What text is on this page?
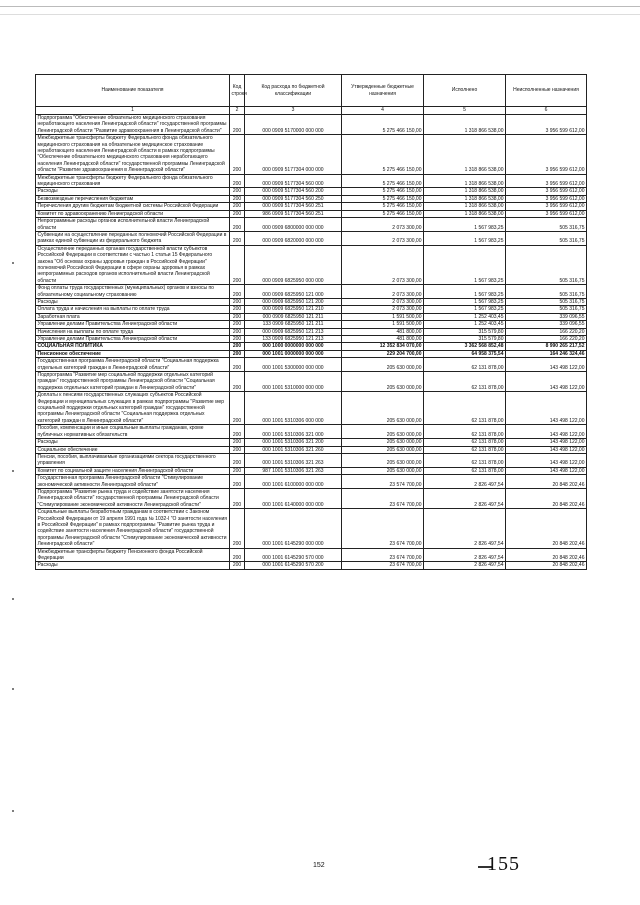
Наименование показателя	Код строки	Код расхода по бюджетной классификации	Утвержденные бюджетные назначения	Исполнено	Неисполненные назначения
1	2	3	4	5	6
Подпрограмма "Обеспечение обязательного медицинского страхования неработающего населения Ленинградской области" государственной программы Ленинградской области "Развитие здравоохранения в Ленинградской области"	200	000 0909 5170000 000 000	5 275 466 150,00	1 318 866 538,00	3 956 599 612,00
Межбюджетные трансферты бюджету Федерального фонда обязательного медицинского страхования на обязательное медицинское страхование неработающего населения Ленинградской области в рамках подпрограммы "Обеспечение обязательного медицинского страхования неработающего населения Ленинградской области" государственной программы Ленинградской области "Развитие здравоохранения в Ленинградской области"	200	000 0909 5177304 000 000	5 275 466 150,00	1 318 866 538,00	3 956 599 612,00
Межбюджетные трансферты бюджету Федерального фонда обязательного медицинского страхования	200	000 0909 5177304 560 000	5 275 466 150,00	1 318 866 538,00	3 956 599 612,00
Расходы	200	000 0909 5177304 560 200	5 275 466 150,00	1 318 866 538,00	3 956 599 612,00
Безвозмездные перечисления бюджетам	200	000 0909 5177304 560 250	5 275 466 150,00	1 318 866 538,00	3 956 599 612,00
Перечисления другим бюджетам бюджетной системы Российской Федерации	200	000 0909 5177304 560 251	5 275 466 150,00	1 318 866 538,00	3 956 599 612,00
Комитет по здравоохранению Ленинградской области	200	986 0909 5177304 560 251	5 275 466 150,00	1 318 866 538,00	3 956 599 612,00
Непрограммные расходы органов исполнительной власти Ленинградской области	200	000 0909 6800000 000 000	2 073 300,00	1 567 983,25	505 316,75
Субвенции на осуществление переданных полномочий Российской Федерации в рамках единой субвенции из федерального бюджета	200	000 0909 6820000 000 000	2 073 300,00	1 567 983,25	505 316,75
Осуществление переданных органам государственной власти субъектов Российской Федерации в соответствии с частью 1 статьи 15 Федерального закона "Об основах охраны здоровья граждан в Российской Федерации" полномочий Российской Федерации в сфере охраны здоровья в рамках непрограммных расходов органов исполнительной власти Ленинградской области	200	000 0909 6825950 000 000	2 073 300,00	1 567 983,25	505 316,75
Фонд оплаты труда государственных (муниципальных) органов и взносы по обязательному социальному страхованию	200	000 0909 6825950 121 000	2 073 300,00	1 567 983,25	505 316,75
Расходы	200	000 0909 6825950 121 200	2 073 300,00	1 567 983,25	505 316,75
Оплата труда и начисления на выплаты по оплате труда	200	000 0909 6825950 121 210	2 073 300,00	1 567 983,25	505 316,75
Заработная плата	200	000 0909 6825950 121 211	1 591 500,00	1 252 403,45	339 096,55
Управление делами Правительства Ленинградской области	200	133 0909 6825950 121 211	1 591 500,00	1 252 403,45	339 096,55
Начисления на выплаты по оплате труда	200	000 0909 6825950 121 213	481 800,00	315 579,80	166 220,20
Управление делами Правительства Ленинградской области	200	133 0909 6825950 121 213	481 800,00	315 579,80	166 220,20
СОЦИАЛЬНАЯ ПОЛИТИКА	200	000 1000 0000000 000 000	12 352 834 070,00	3 362 568 852,48	8 990 265 217,52
Пенсионное обеспечение	200	000 1001 0000000 000 000	229 204 700,00	64 958 375,54	164 246 324,46
Государственная программа Ленинградской области "Социальная поддержка отдельных категорий граждан в Ленинградской области"	200	000 1001 5300000 000 000	205 630 000,00	62 131 878,00	143 498 122,00
Подпрограмма "Развитие мер социальной поддержки отдельных категорий граждан" государственной программы Ленинградской области "Социальная поддержка отдельных категорий граждан в Ленинградской области"	200	000 1001 5310000 000 000	205 630 000,00	62 131 878,00	143 498 122,00
Доплаты к пенсиям государственных служащих субъектов Российской Федерации и муниципальных служащих в рамках подпрограммы "Развитие мер социальной поддержки отдельных категорий граждан" государственной программы Ленинградской области "Социальная поддержка отдельных категорий граждан в Ленинградской области"	200	000 1001 5310306 000 000	205 630 000,00	62 131 878,00	143 498 122,00
Пособия, компенсации и иные социальные выплаты гражданам, кроме публичных нормативных обязательств	200	000 1001 5310306 321 000	205 630 000,00	62 131 878,00	143 498 122,00
Расходы	200	000 1001 5310306 321 200	205 630 000,00	62 131 878,00	143 498 122,00
Социальное обеспечение	200	000 1001 5310306 321 260	205 630 000,00	62 131 878,00	143 498 122,00
Пенсии, пособия, выплачиваемые организациями сектора государственного управления	200	000 1001 5310306 321 263	205 630 000,00	62 131 878,00	143 498 122,00
Комитет по социальной защите населения Ленинградской области	200	987 1001 5310306 321 263	205 630 000,00	62 131 878,00	143 498 122,00
Государственная программа Ленинградской области "Стимулирование экономической активности Ленинградской области"	200	000 1001 6100000 000 000	23 574 700,00	2 826 497,54	20 848 202,46
Подпрограмма "Развитие рынка труда и содействие занятости населения Ленинградской области" государственной программы Ленинградской области "Стимулирование экономической активности Ленинградской области"	200	000 1001 6140000 000 000	23 674 700,00	2 826 497,54	20 848 202,46
Социальные выплаты безработным гражданам в соответствии с Законом Российской Федерации от 19 апреля 1991 года № 1032-I "О занятости населения в Российской Федерации" в рамках подпрограммы "Развитие рынка труда и содействие занятости населения Ленинградской области" государственной программы Ленинградской области "Стимулирование экономической активности Ленинградской области"	200	000 1001 6145290 000 000	23 674 700,00	2 826 497,54	20 848 202,46
Межбюджетные трансферты бюджету Пенсионного фонда Российской Федерации	200	000 1001 6145290 570 000	23 674 700,00	2 826 497,54	20 848 202,46
Расходы	200	000 1001 6145290 570 200	23 674 700,00	2 826 497,54	20 848 202,46
152	155
